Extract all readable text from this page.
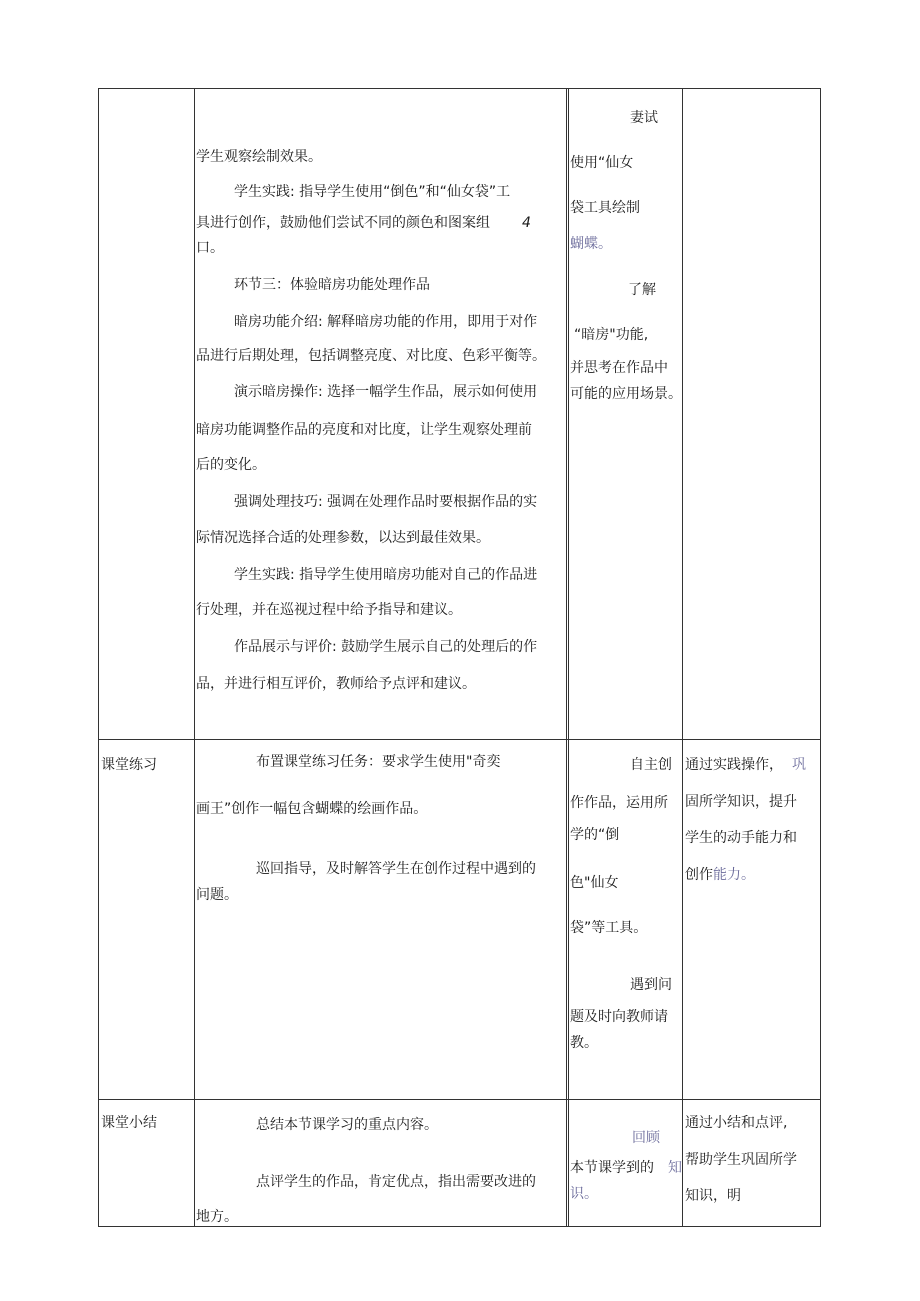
学生观察绘制效果。
学生实践: 指导学生使用“倒色”和“仙女袋”工
具进行创作，鼓励他们尝试不同的颜色和图案组 4
口。
环节三：体验暗房功能处理作品
暗房功能介绍: 解释暗房功能的作用，即用于对作
品进行后期处理，包括调整亮度、对比度、色彩平衡等。
演示暗房操作: 选择一幅学生作品，展示如何使用
暗房功能调整作品的亮度和对比度，让学生观察处理前
后的变化。
强调处理技巧: 强调在处理作品时要根据作品的实
际情况选择合适的处理参数，以达到最佳效果。
学生实践: 指导学生使用暗房功能对自己的作品进
行处理，并在巡视过程中给予指导和建议。
作品展示与评价: 鼓励学生展示自己的处理后的作
品，并进行相互评价，教师给予点评和建议。
妻试
使用“仙女
袋工具绘制
蝴蝶。
了解
“暗房"功能,
并思考在作品中
可能的应用场景。
课堂练习	布置课堂练习任务：要求学生使用"奇奕
画王”创作一幅包含蝴蝶的绘画作品。
巡回指导，及时解答学生在创作过程中遇到的
问题。
自主创
作作品，运用所
学的“倒
色"仙女
袋”等工具。
遇到问
题及时向教师请
教。
通过实践操作， 巩
固所学知识，提升
学生的动手能力和
创作 能力。
课堂小结	总结本节课学习的重点内容。
点评学生的作品，肯定优点，指出需要改进的
地方。
回顾
本节课学到的 知
识。
通过小结和点评,
帮助学生巩固所学
知识，明
